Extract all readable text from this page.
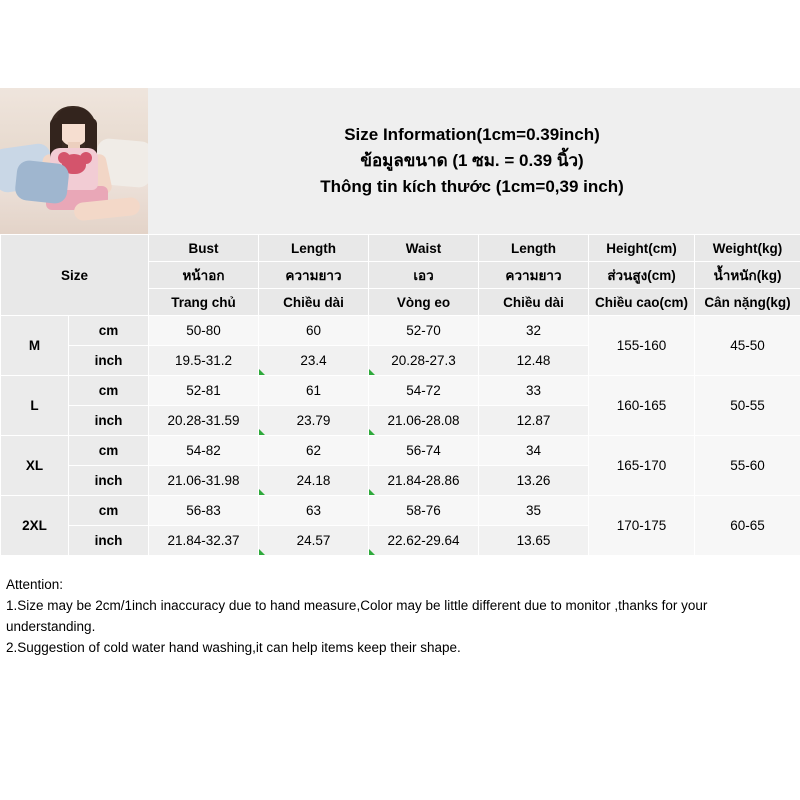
Size Information(1cm=0.39inch)
ข้อมูลขนาด (1 ซม. = 0.39 นิ้ว)
Thông tin kích thước (1cm=0,39 inch)
Size		Bust	Length	Waist	Length	Height(cm)	Weight(kg)
		หน้าอก	ความยาว	เอว	ความยาว	ส่วนสูง(cm)	น้ำหนัก(kg)
		Trang chủ	Chiều dài	Vòng eo	Chiều dài	Chiều cao(cm)	Cân nặng(kg)
M	cm	50-80	60	52-70	32	155-160	45-50
	inch	19.5-31.2	23.4	20.28-27.3	12.48		
L	cm	52-81	61	54-72	33	160-165	50-55
	inch	20.28-31.59	23.79	21.06-28.08	12.87		
XL	cm	54-82	62	56-74	34	165-170	55-60
	inch	21.06-31.98	24.18	21.84-28.86	13.26		
2XL	cm	56-83	63	58-76	35	170-175	60-65
	inch	21.84-32.37	24.57	22.62-29.64	13.65		
Attention:
1.Size may be 2cm/1inch inaccuracy due to hand measure,Color may be little different due to monitor ,thanks for your
understanding.
2.Suggestion of cold water hand washing,it can help items keep their shape.
